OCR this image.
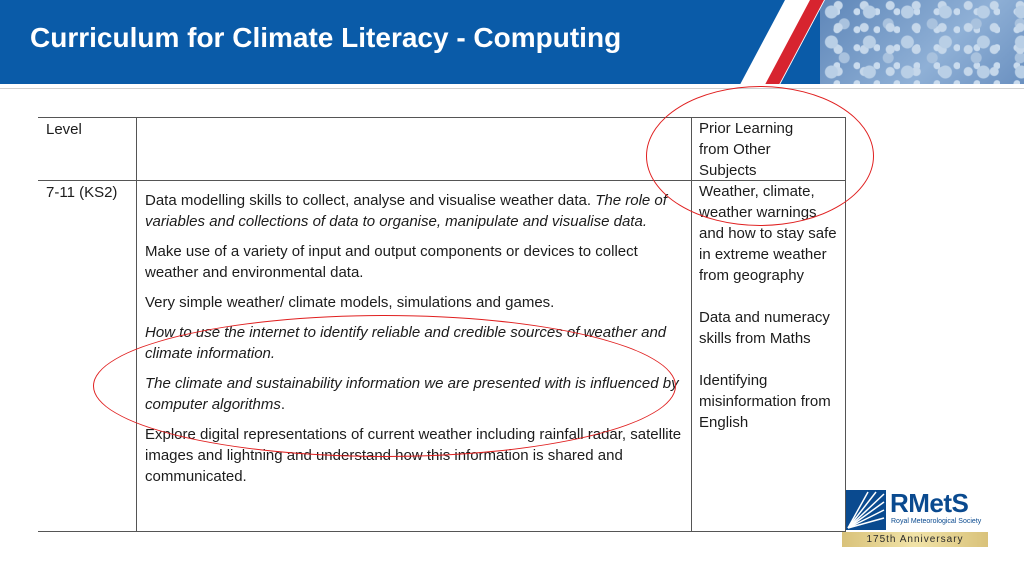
Curriculum for Climate Literacy - Computing
Level	Prior Learning
from Other
Subjects
7-11 (KS2) Data modelling skills to collect, analyse and visualise weather data. The role of variables and collections of data to organise, manipulate and visualise data.

Make use of a variety of input and output components or devices to collect weather and environmental data.

Very simple weather/ climate models, simulations and games.

How to use the internet to identify reliable and credible sources of weather and climate information.

The climate and sustainability information we are presented with is influenced by computer algorithms.

Explore digital representations of current weather including rainfall radar, satellite images and lightning and understand how this information is shared and communicated.

Weather, climate, weather warnings and how to stay safe in extreme weather from geography

Data and numeracy skills from Maths

Identifying misinformation from English

RMetS
Royal Meteorological Society
175th Anniversary
